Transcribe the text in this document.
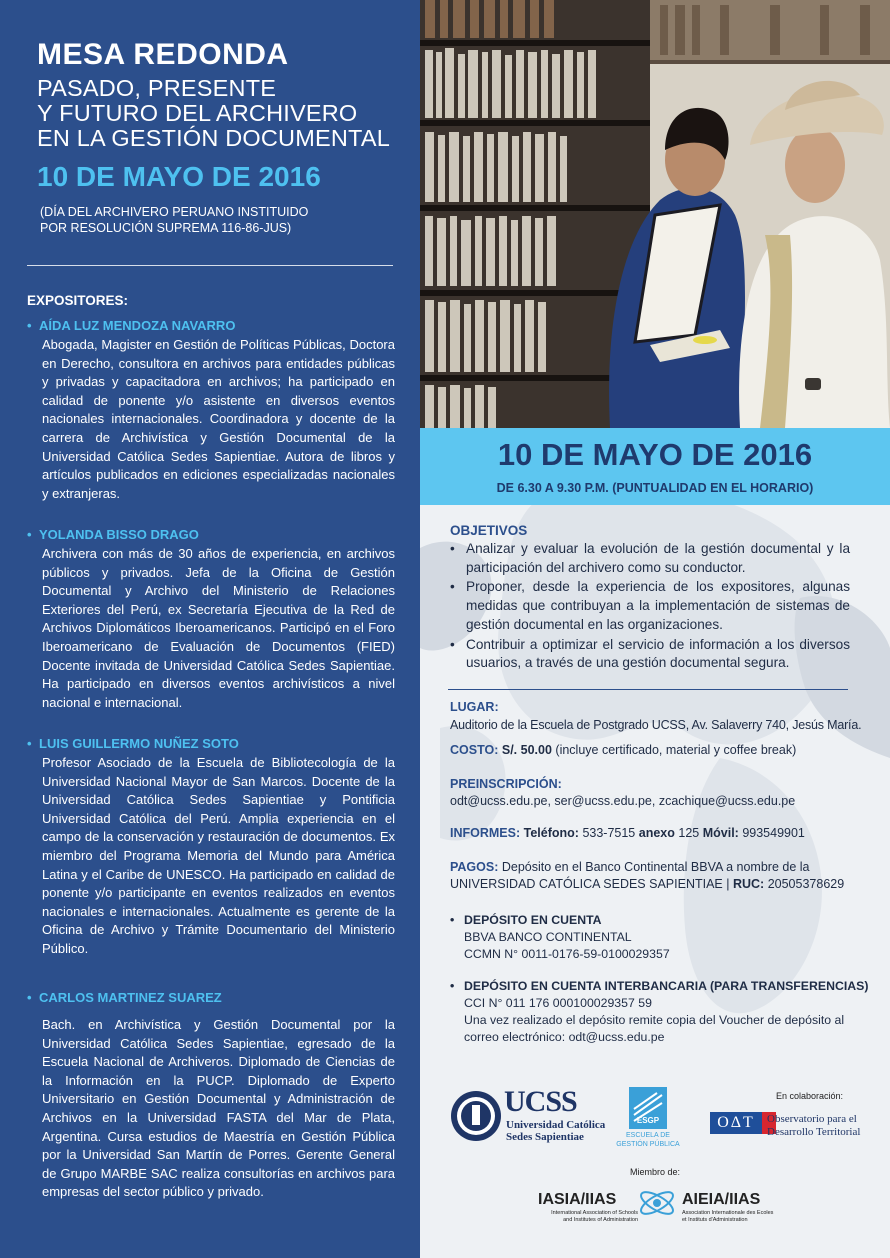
MESA REDONDA
PASADO, PRESENTE
Y FUTURO DEL ARCHIVERO
EN LA GESTIÓN DOCUMENTAL
10 DE MAYO DE 2016
(DÍA DEL ARCHIVERO PERUANO INSTITUIDO
POR RESOLUCIÓN SUPREMA 116-86-JUS)
EXPOSITORES:
• AÍDA LUZ MENDOZA NAVARRO
Abogada, Magister en Gestión de Políticas Públicas, Doctora en Derecho, consultora en archivos para entidades públicas y privadas y capacitadora en archivos; ha participado en calidad de ponente y/o asistente en diversos eventos nacionales internacionales. Coordinadora y docente de la carrera de Archivística y Gestión Documental de la Universidad Católica Sedes Sapientiae. Autora de libros y artículos publicados en ediciones especializadas nacionales y extranjeras.
• YOLANDA BISSO DRAGO
Archivera con más de 30 años de experiencia, en archivos públicos y privados. Jefa de la Oficina de Gestión Documental y Archivo del Ministerio de Relaciones Exteriores del Perú, ex Secretaría Ejecutiva de la Red de Archivos Diplomáticos Iberoamericanos. Participó en el Foro Iberoamericano de Evaluación de Documentos (FIED) Docente invitada de Universidad Católica Sedes Sapientiae. Ha participado en diversos eventos archivísticos a nivel nacional e internacional.
• LUIS GUILLERMO NUÑEZ SOTO
Profesor Asociado de la Escuela de Bibliotecología de la Universidad Nacional Mayor de San Marcos. Docente de la Universidad Católica Sedes Sapientiae y Pontificia Universidad Católica del Perú. Amplia experiencia en el campo de la conservación y restauración de documentos. Ex miembro del Programa Memoria del Mundo para América Latina y el Caribe de UNESCO. Ha participado en calidad de ponente y/o participante en eventos realizados en eventos nacionales e internacionales. Actualmente es gerente de la Oficina de Archivo y Trámite Documentario del Ministerio Público.
• CARLOS MARTINEZ SUAREZ
Bach. en Archivística y Gestión Documental por la Universidad Católica Sedes Sapientiae, egresado de la Escuela Nacional de Archiveros. Diplomado de Ciencias de la Información en la PUCP. Diplomado de Experto Universitario en Gestión Documental y Administración de Archivos en la Universidad FASTA del Mar de Plata, Argentina. Cursa estudios de Maestría en Gestión Pública por la Universidad San Martín de Porres. Gerente General de Grupo MARBE SAC realiza consultorías en archivos para empresas del sector público y privado.
10 DE MAYO DE 2016
DE 6.30 A 9.30 P.M. (PUNTUALIDAD EN EL HORARIO)
OBJETIVOS
• Analizar y evaluar la evolución de la gestión documental y la participación del archivero como su conductor.
• Proponer, desde la experiencia de los expositores, algunas medidas que contribuyan a la implementación de sistemas de gestión documental en las organizaciones.
• Contribuir a optimizar el servicio de información a los diversos usuarios, a través de una gestión documental segura.
LUGAR:
Auditorio de la Escuela de Postgrado UCSS, Av. Salaverry 740, Jesús María.
COSTO: S/. 50.00 (incluye certificado, material y coffee break)
PREINSCRIPCIÓN:
odt@ucss.edu.pe, ser@ucss.edu.pe, zcachique@ucss.edu.pe
INFORMES: Teléfono: 533-7515 anexo 125 Móvil: 993549901
PAGOS: Depósito en el Banco Continental BBVA a nombre de la
UNIVERSIDAD CATÓLICA SEDES SAPIENTIAE | RUC: 20505378629
• DEPÓSITO EN CUENTA
BBVA BANCO CONTINENTAL
CCMN N° 0011-0176-59-0100029357
• DEPÓSITO EN CUENTA INTERBANCARIA (PARA TRANSFERENCIAS)
CCI N° 011 176 000100029357 59
Una vez realizado el depósito remite copia del Voucher de depósito al
correo electrónico: odt@ucss.edu.pe
UCSS
Universidad Católica
Sedes Sapientiae
ESGP
ESCUELA DE
GESTIÓN PÚBLICA
En colaboración:
OΔT	Observatorio para el
Desarrollo Territorial
Miembro de:
IASIA/IIAS
International Association of Schools
and Institutes of Administration
AIEIA/IIAS
Association Internationale des Ecoles
et Instituts d'Administration
